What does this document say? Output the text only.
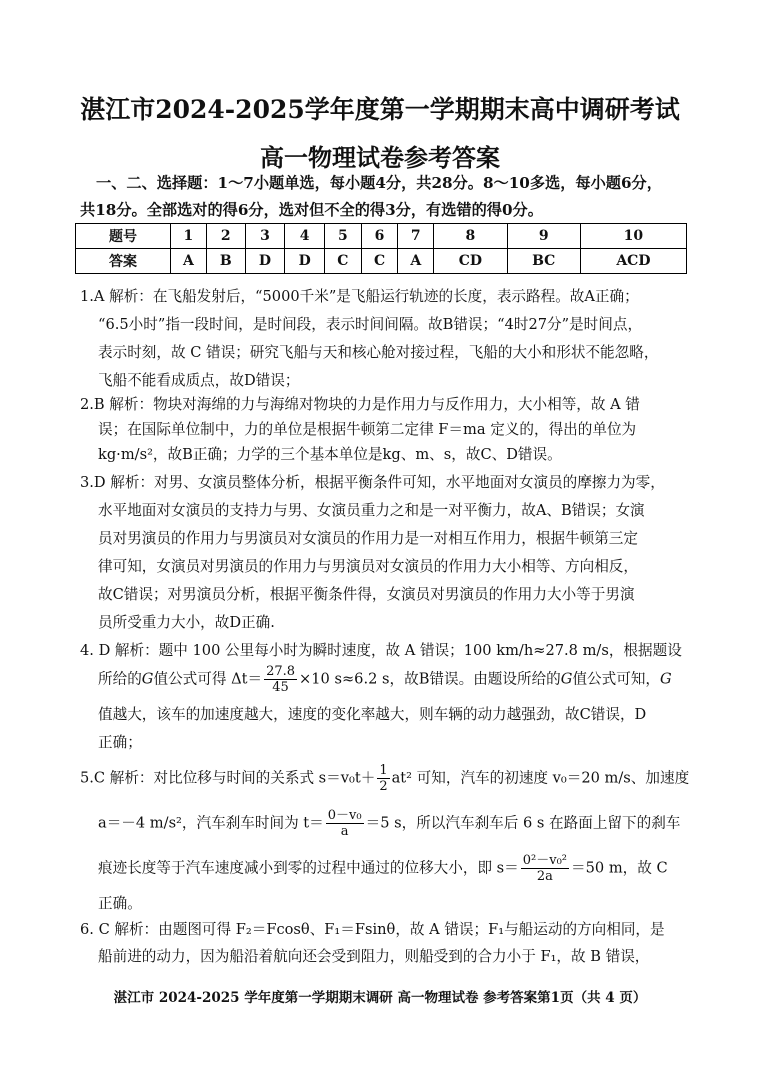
湛江市2024-2025学年度第一学期期末高中调研考试
高一物理试卷参考答案
一、二、选择题：1～7小题单选，每小题4分，共28分。8～10多选，每小题6分，
共18分。全部选对的得6分，选对但不全的得3分，有选错的得0分。
题号	1	2	3	4	5	6	7	8	9	10
答案	A	B	D	D	C	C	A	CD	BC	ACD
1.A 解析：在飞船发射后，“5000千米”是飞船运行轨迹的长度，表示路程。故A正确；
“6.5小时”指一段时间，是时间段，表示时间间隔。故B错误；“4时27分”是时间点，
表示时刻，故 C 错误；研究飞船与天和核心舱对接过程，飞船的大小和形状不能忽略，
飞船不能看成质点，故D错误；
2.B 解析：物块对海绵的力与海绵对物块的力是作用力与反作用力，大小相等，故 A 错
误；在国际单位制中，力的单位是根据牛顿第二定律 F＝ma 定义的，得出的单位为
kg·m/s²，故B正确；力学的三个基本单位是kg、m、s，故C、D错误。
3.D 解析：对男、女演员整体分析，根据平衡条件可知，水平地面对女演员的摩擦力为零，
水平地面对女演员的支持力与男、女演员重力之和是一对平衡力，故A、B错误；女演
员对男演员的作用力与男演员对女演员的作用力是一对相互作用力，根据牛顿第三定
律可知，女演员对男演员的作用力与男演员对女演员的作用力大小相等、方向相反，
故C错误；对男演员分析，根据平衡条件得，女演员对男演员的作用力大小等于男演
员所受重力大小，故D正确.
4. D 解析：题中 100 公里每小时为瞬时速度，故 A 错误；100 km/h≈27.8 m/s，根据题设
所给的G值公式可得 $\Delta t= \frac{27.8}{45} \times 10$ s≈6.2 s，故B错误。由题设所给的G值公式可知，G
值越大，该车的加速度越大，速度的变化率越大，则车辆的动力越强劲，故C错误，D
正确；
5.C 解析：对比位移与时间的关系式 $s=v_0t+ \frac{1}{2} at^2$ 可知，汽车的初速度 v₀＝20 m/s、加速度
a＝－4 m/s²，汽车刹车时间为 $t= \frac{\text{0－v₀}}{a} =5$ s，所以汽车刹车后 6 s 在路面上留下的刹车
痕迹长度等于汽车速度减小到零的过程中通过的位移大小，即 $s= \frac{\text{0²－v₀²}}{2a} =50$ m，故 C
正确。
6. C 解析：由题图可得 F₂＝Fcosθ、F₁＝Fsinθ，故 A 错误；F₁与船运动的方向相同，是
船前进的动力，因为船沿着航向还会受到阻力，则船受到的合力小于 F₁，故 B 错误，
湛江市 2024-2025 学年度第一学期期末调研 高一物理试卷 参考答案第1页（共 4 页）
